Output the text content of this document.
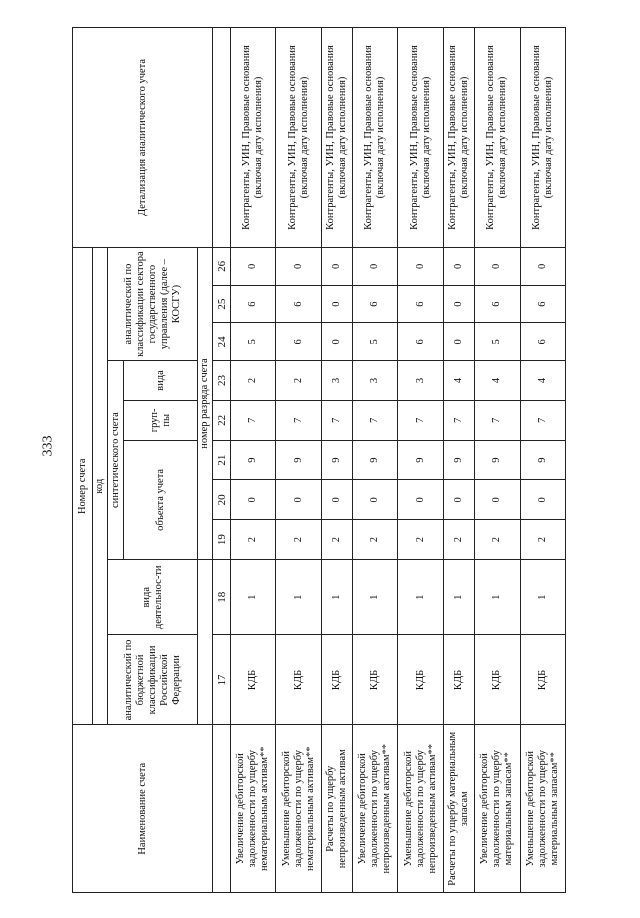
333
Наименование счета	Номер счета										Детализация аналитического учета
	код										
	аналитический по бюджетной классификации Российской Федерации	вида деятельнос-ти	синтетического счета					аналитический по классификации сектора государственного управления (далее – КОСГУ)			
			объекта учета			груп-пы	вида				
			номер разряда счета								
	17	18	19	20	21	22	23	24	25	26	
Увеличение дебиторской задолженности по ущербу нематериальным активам**	КДБ	1	2	0	9	7	2	5	6	0	Контрагенты, УИН, Правовые основания (включая дату исполнения)
Уменьшение дебиторской задолженности по ущербу нематериальным активам**	КДБ	1	2	0	9	7	2	6	6	0	Контрагенты, УИН, Правовые основания (включая дату исполнения)
Расчеты по ущербу непроизведенным активам	КДБ	1	2	0	9	7	3	0	0	0	Контрагенты, УИН, Правовые основания (включая дату исполнения)
Увеличение дебиторской задолженности по ущербу непроизведенным активам**	КДБ	1	2	0	9	7	3	5	6	0	Контрагенты, УИН, Правовые основания (включая дату исполнения)
Уменьшение дебиторской задолженности по ущербу непроизведенным активам**	КДБ	1	2	0	9	7	3	6	6	0	Контрагенты, УИН, Правовые основания (включая дату исполнения)
Расчеты по ущербу материальным запасам	КДБ	1	2	0	9	7	4	0	0	0	Контрагенты, УИН, Правовые основания (включая дату исполнения)
Увеличение дебиторской задолженности по ущербу материальным запасам**	КДБ	1	2	0	9	7	4	5	6	0	Контрагенты, УИН, Правовые основания (включая дату исполнения)
Уменьшение дебиторской задолженности по ущербу материальным запасам**	КДБ	1	2	0	9	7	4	6	6	0	Контрагенты, УИН, Правовые основания (включая дату исполнения)
